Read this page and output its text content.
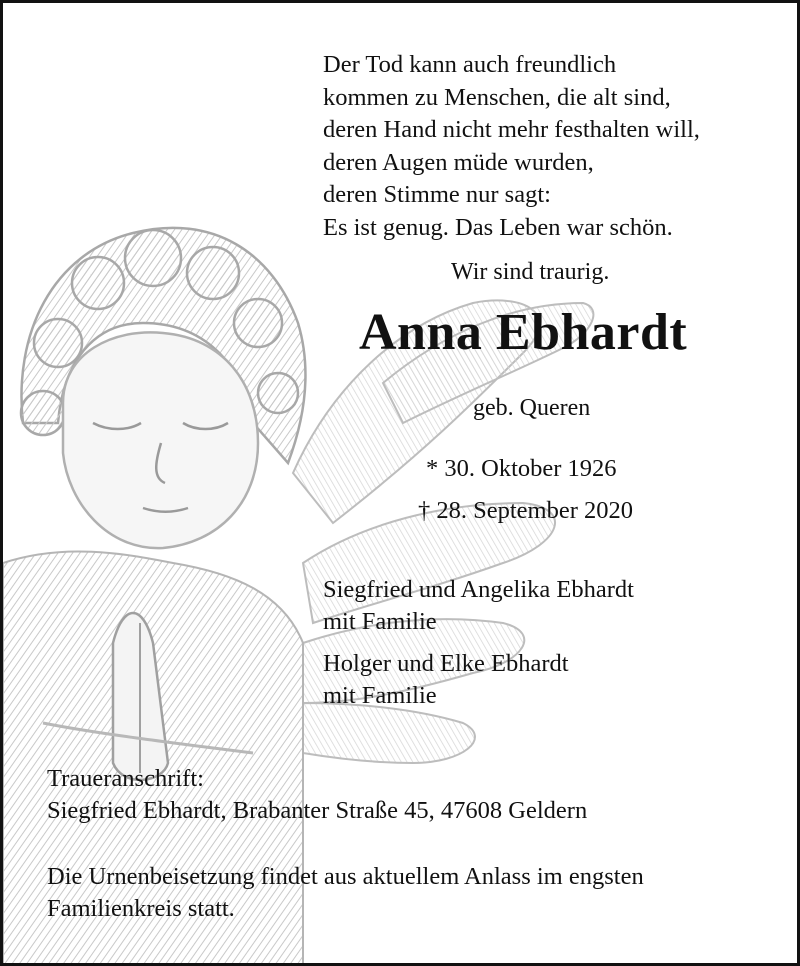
Der Tod kann auch freundlich
kommen zu Menschen, die alt sind,
deren Hand nicht mehr festhalten will,
deren Augen müde wurden,
deren Stimme nur sagt:
Es ist genug. Das Leben war schön.
Wir sind traurig.
Anna Ebhardt
geb. Queren
* 30. Oktober 1926
† 28. September 2020
Siegfried und Angelika Ebhardt
mit Familie
Holger und Elke Ebhardt
mit Familie
Traueranschrift:
Siegfried Ebhardt, Brabanter Straße 45, 47608 Geldern
Die Urnenbeisetzung findet aus aktuellem Anlass im engsten
Familienkreis statt.
